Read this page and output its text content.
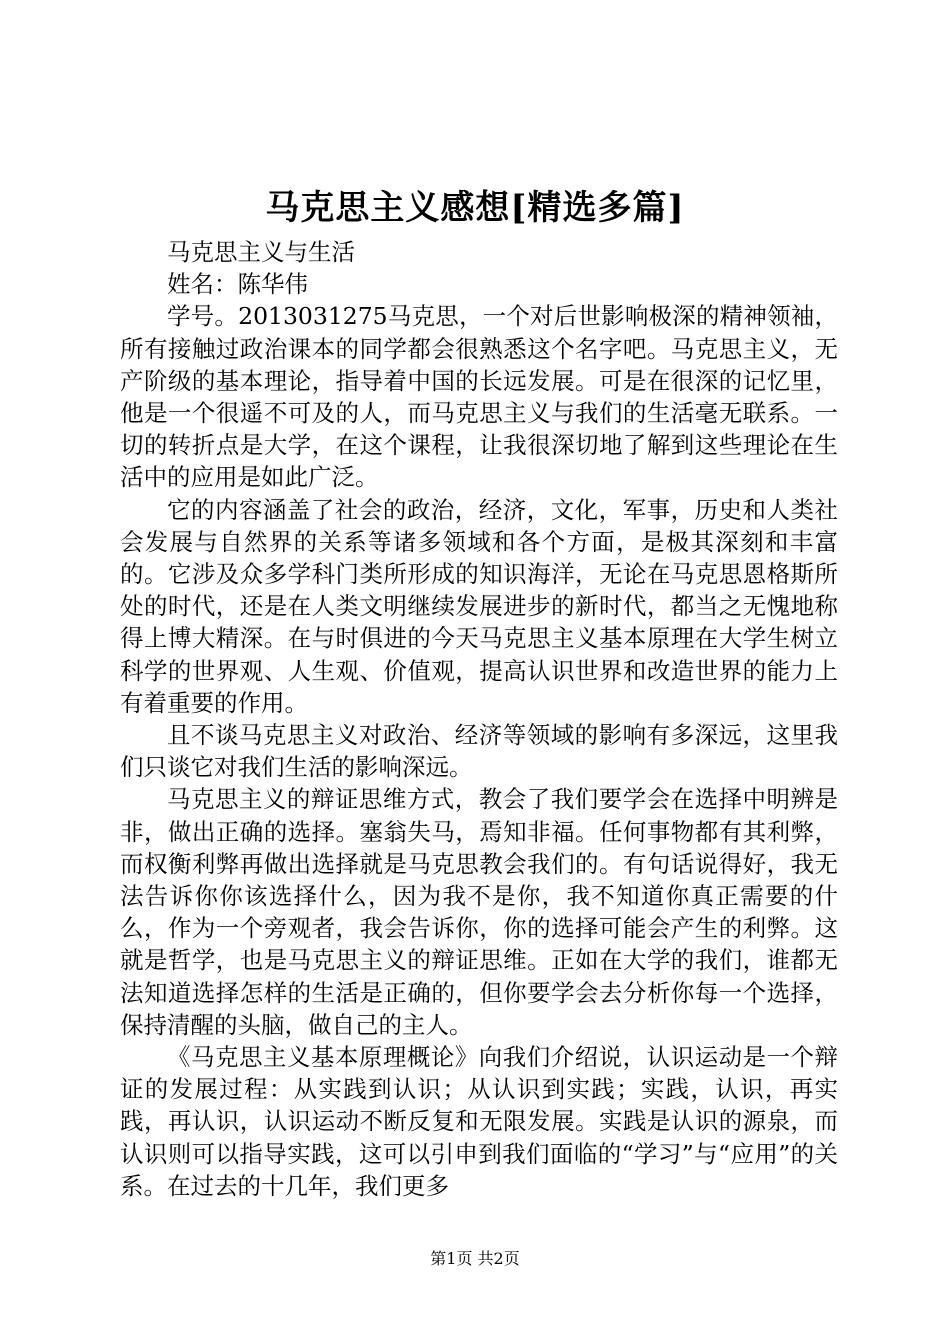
马克思主义感想[精选多篇]

马克思主义与生活

姓名：陈华伟

学号。2013031275马克思，一个对后世影响极深的精神领袖，所有接触过政治课本的同学都会很熟悉这个名字吧。马克思主义，无产阶级的基本理论，指导着中国的长远发展。可是在很深的记忆里，他是一个很遥不可及的人，而马克思主义与我们的生活毫无联系。一切的转折点是大学，在这个课程，让我很深切地了解到这些理论在生活中的应用是如此广泛。

它的内容涵盖了社会的政治，经济，文化，军事，历史和人类社会发展与自然界的关系等诸多领域和各个方面，是极其深刻和丰富的。它涉及众多学科门类所形成的知识海洋，无论在马克思恩格斯所处的时代，还是在人类文明继续发展进步的新时代，都当之无愧地称得上博大精深。在与时俱进的今天马克思主义基本原理在大学生树立科学的世界观、人生观、价值观，提高认识世界和改造世界的能力上有着重要的作用。

且不谈马克思主义对政治、经济等领域的影响有多深远，这里我们只谈它对我们生活的影响深远。

马克思主义的辩证思维方式，教会了我们要学会在选择中明辨是非，做出正确的选择。塞翁失马，焉知非福。任何事物都有其利弊，而权衡利弊再做出选择就是马克思教会我们的。有句话说得好，我无法告诉你你该选择什么，因为我不是你，我不知道你真正需要的什么，作为一个旁观者，我会告诉你，你的选择可能会产生的利弊。这就是哲学，也是马克思主义的辩证思维。正如在大学的我们，谁都无法知道选择怎样的生活是正确的，但你要学会去分析你每一个选择，保持清醒的头脑，做自己的主人。

《马克思主义基本原理概论》向我们介绍说，认识运动是一个辩证的发展过程：从实践到认识；从认识到实践；实践，认识，再实践，再认识，认识运动不断反复和无限发展。实践是认识的源泉，而认识则可以指导实践，这可以引申到我们面临的“学习”与“应用”的关系。在过去的十几年，我们更多

第1页 共2页
